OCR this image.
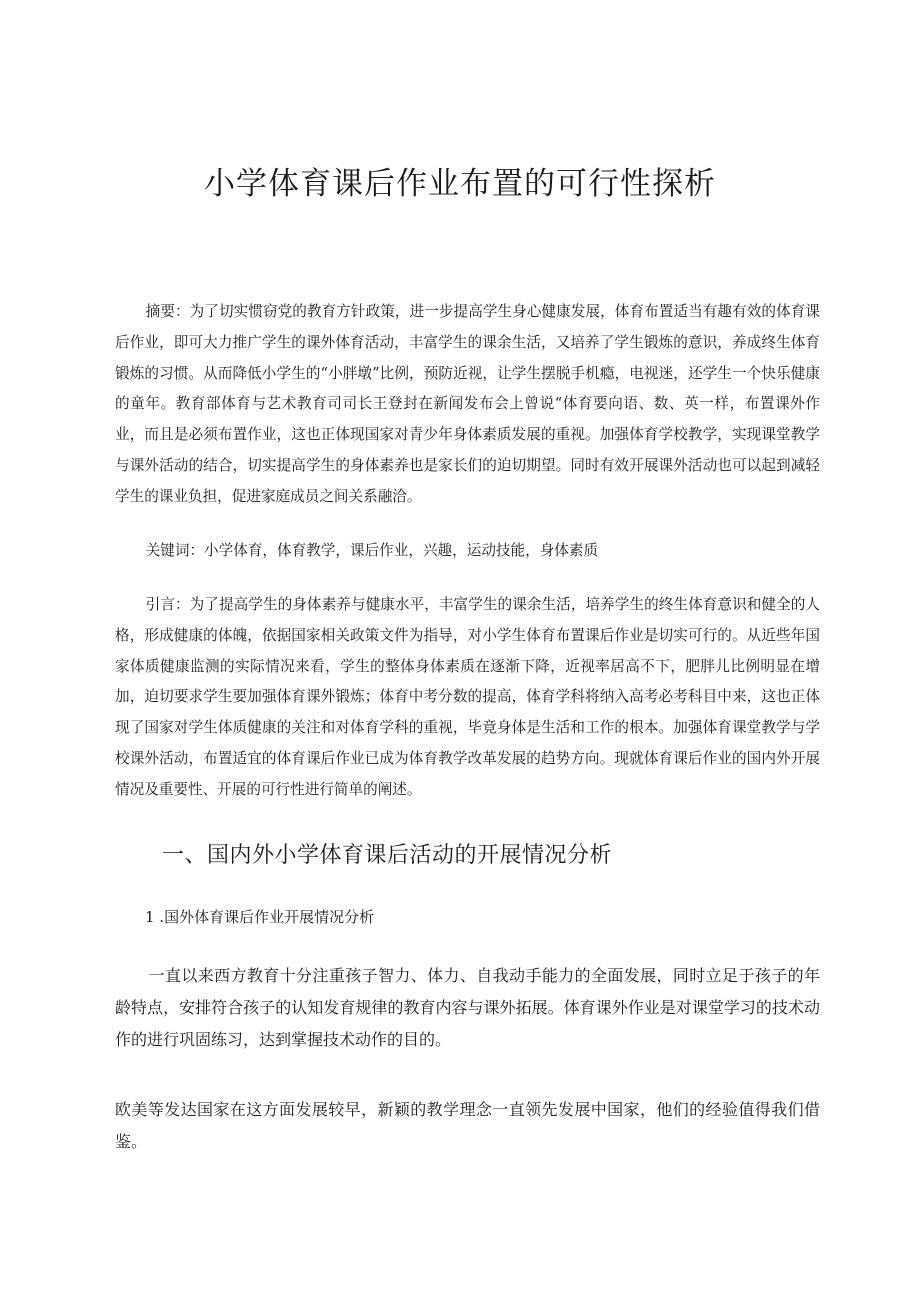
小学体育课后作业布置的可行性探析

摘要：为了切实惯窃党的教育方针政策，进一步提高学生身心健康发展，体育布置适当有趣有效的体育课后作业，即可大力推广学生的课外体育活动，丰富学生的课余生活，又培养了学生锻炼的意识，养成终生体育锻炼的习惯。从而降低小学生的“小胖墩”比例，预防近视，让学生摆脱手机瘾，电视迷，还学生一个快乐健康的童年。教育部体育与艺术教育司司长王登封在新闻发布会上曾说“体育要向语、数、英一样，布置课外作业，而且是必须布置作业，这也正体现国家对青少年身体素质发展的重视。加强体育学校教学，实现课堂教学与课外活动的结合，切实提高学生的身体素养也是家长们的迫切期望。同时有效开展课外活动也可以起到减轻学生的课业负担，促进家庭成员之间关系融洽。

关键词：小学体育，体育教学，课后作业，兴趣，运动技能，身体素质

引言：为了提高学生的身体素养与健康水平，丰富学生的课余生活，培养学生的终生体育意识和健全的人格，形成健康的体魄，依据国家相关政策文件为指导，对小学生体育布置课后作业是切实可行的。从近些年国家体质健康监测的实际情况来看，学生的整体身体素质在逐渐下降，近视率居高不下，肥胖儿比例明显在增加，迫切要求学生要加强体育课外锻炼；体育中考分数的提高，体育学科将纳入高考必考科目中来，这也正体现了国家对学生体质健康的关注和对体育学科的重视，毕竟身体是生活和工作的根本。加强体育课堂教学与学校课外活动，布置适宜的体育课后作业已成为体育教学改革发展的趋势方向。现就体育课后作业的国内外开展情况及重要性、开展的可行性进行简单的阐述。

一、国内外小学体育课后活动的开展情况分析
1 .国外体育课后作业开展情况分析

一直以来西方教育十分注重孩子智力、体力、自我动手能力的全面发展，同时立足于孩子的年龄特点，安排符合孩子的认知发育规律的教育内容与课外拓展。体育课外作业是对课堂学习的技术动作的进行巩固练习，达到掌握技术动作的目的。

欧美等发达国家在这方面发展较早，新颖的教学理念一直领先发展中国家，他们的经验值得我们借鉴。
